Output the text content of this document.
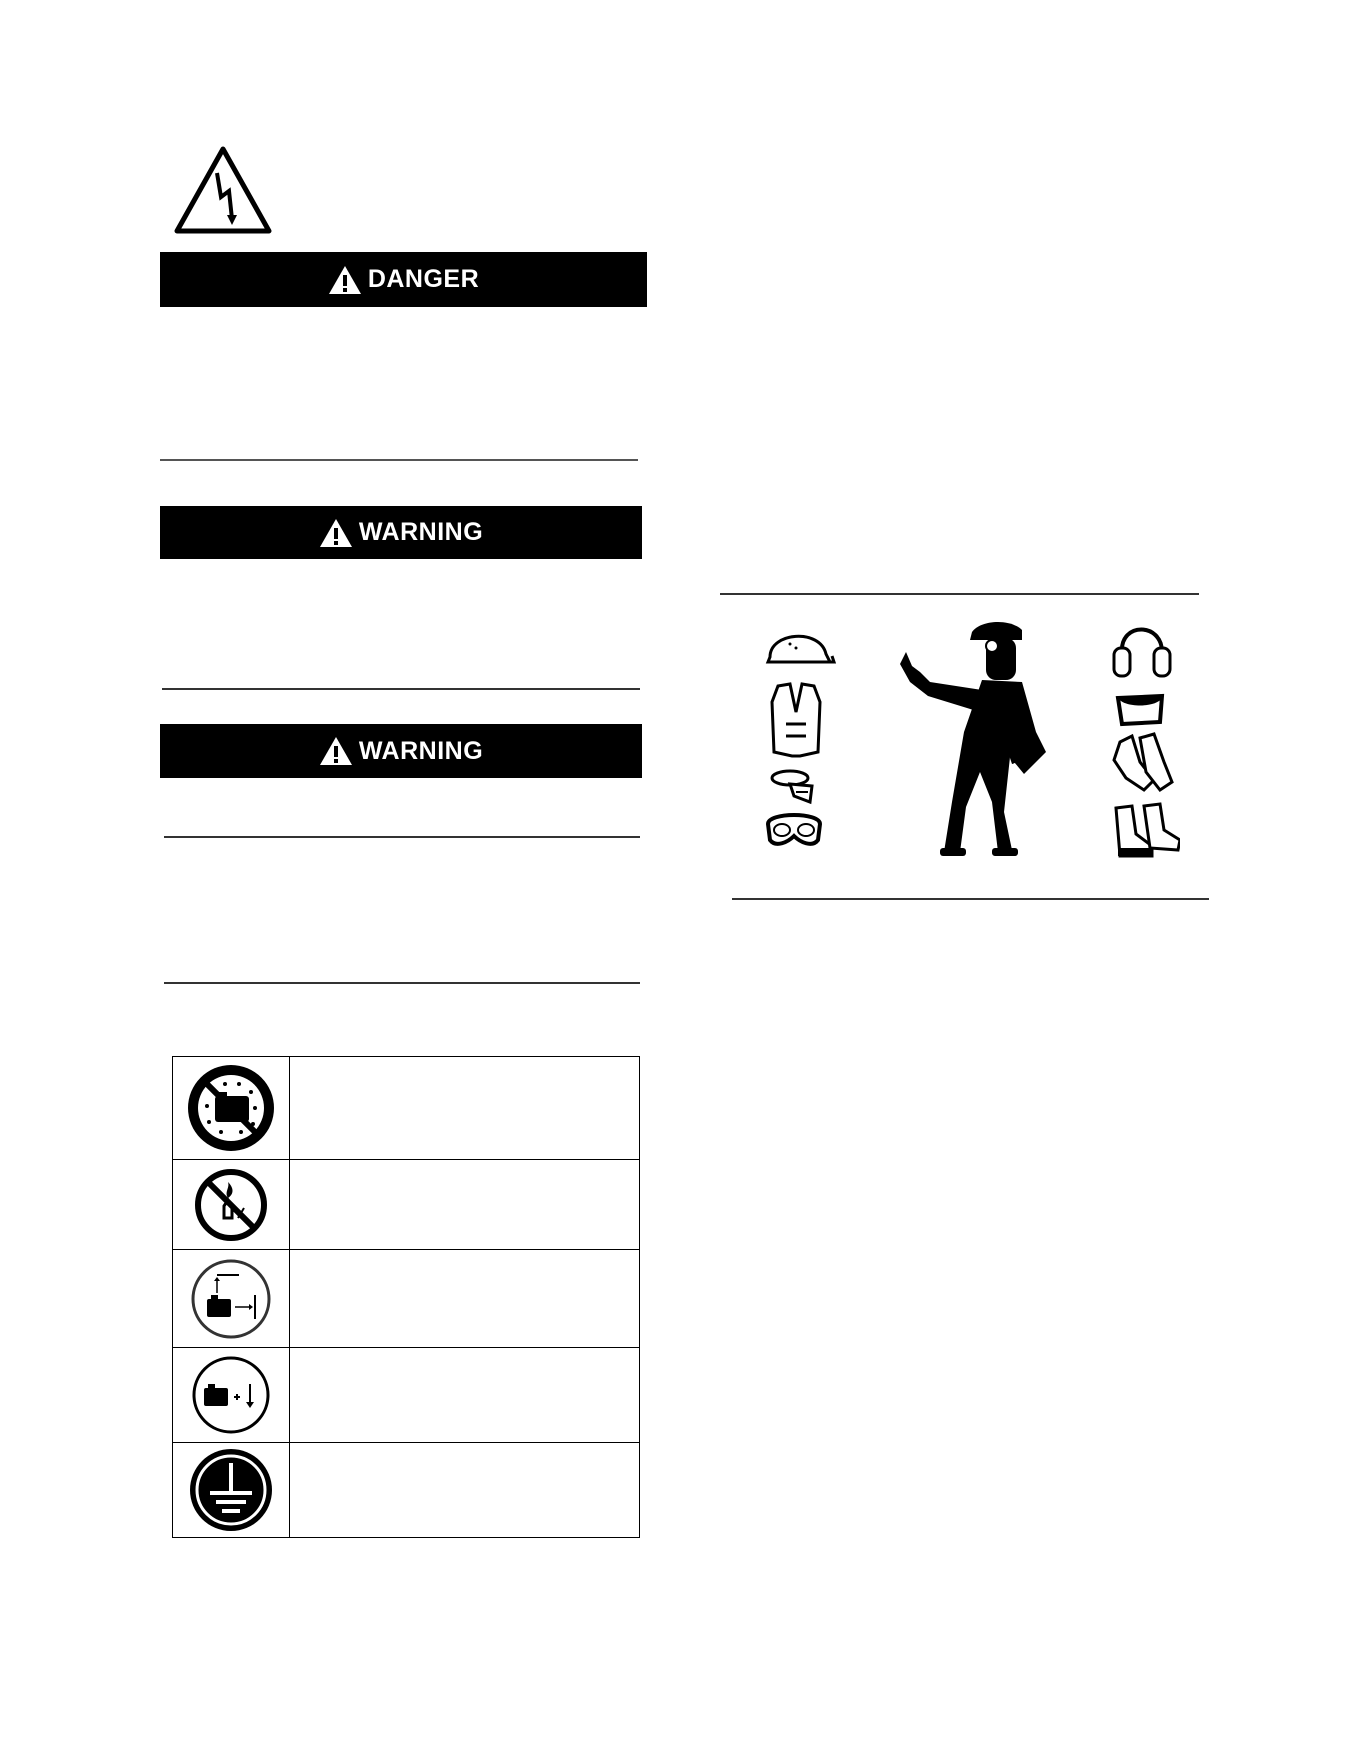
DANGER
WARNING
WARNING
